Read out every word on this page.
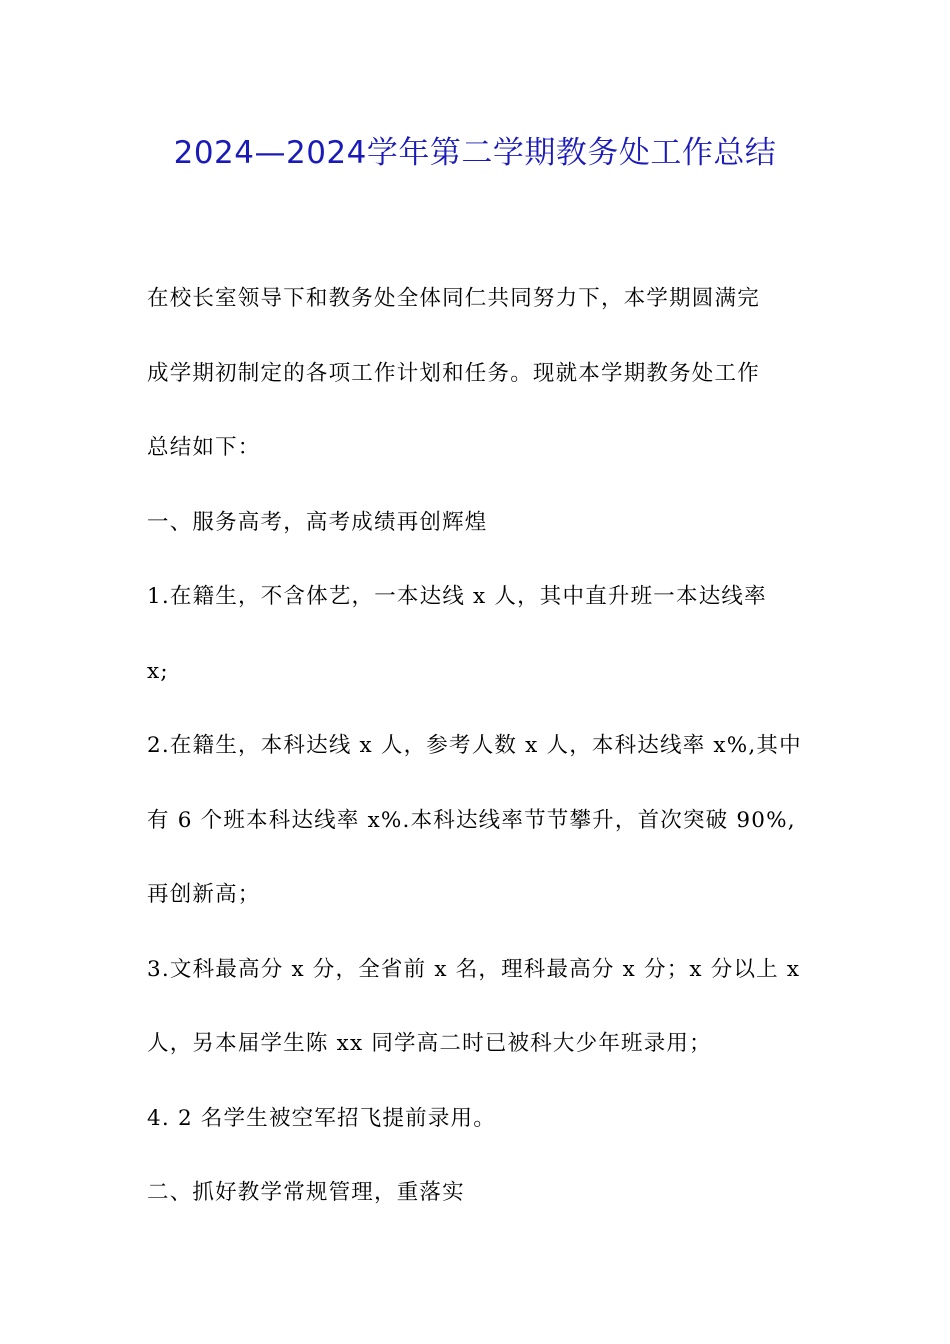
2024—2024学年第二学期教务处工作总结
在校长室领导下和教务处全体同仁共同努力下，本学期圆满完
成学期初制定的各项工作计划和任务。现就本学期教务处工作
总结如下：
一、服务高考，高考成绩再创辉煌
1.在籍生，不含体艺，一本达线 x 人，其中直升班一本达线率
x;
2.在籍生，本科达线 x 人，参考人数 x 人，本科达线率 x%,其中
有 6 个班本科达线率 x%.本科达线率节节攀升，首次突破 90%,
再创新高；
3.文科最高分 x 分，全省前 x 名，理科最高分 x 分；x 分以上 x
人，另本届学生陈 xx 同学高二时已被科大少年班录用；
4. 2 名学生被空军招飞提前录用。
二、抓好教学常规管理，重落实
